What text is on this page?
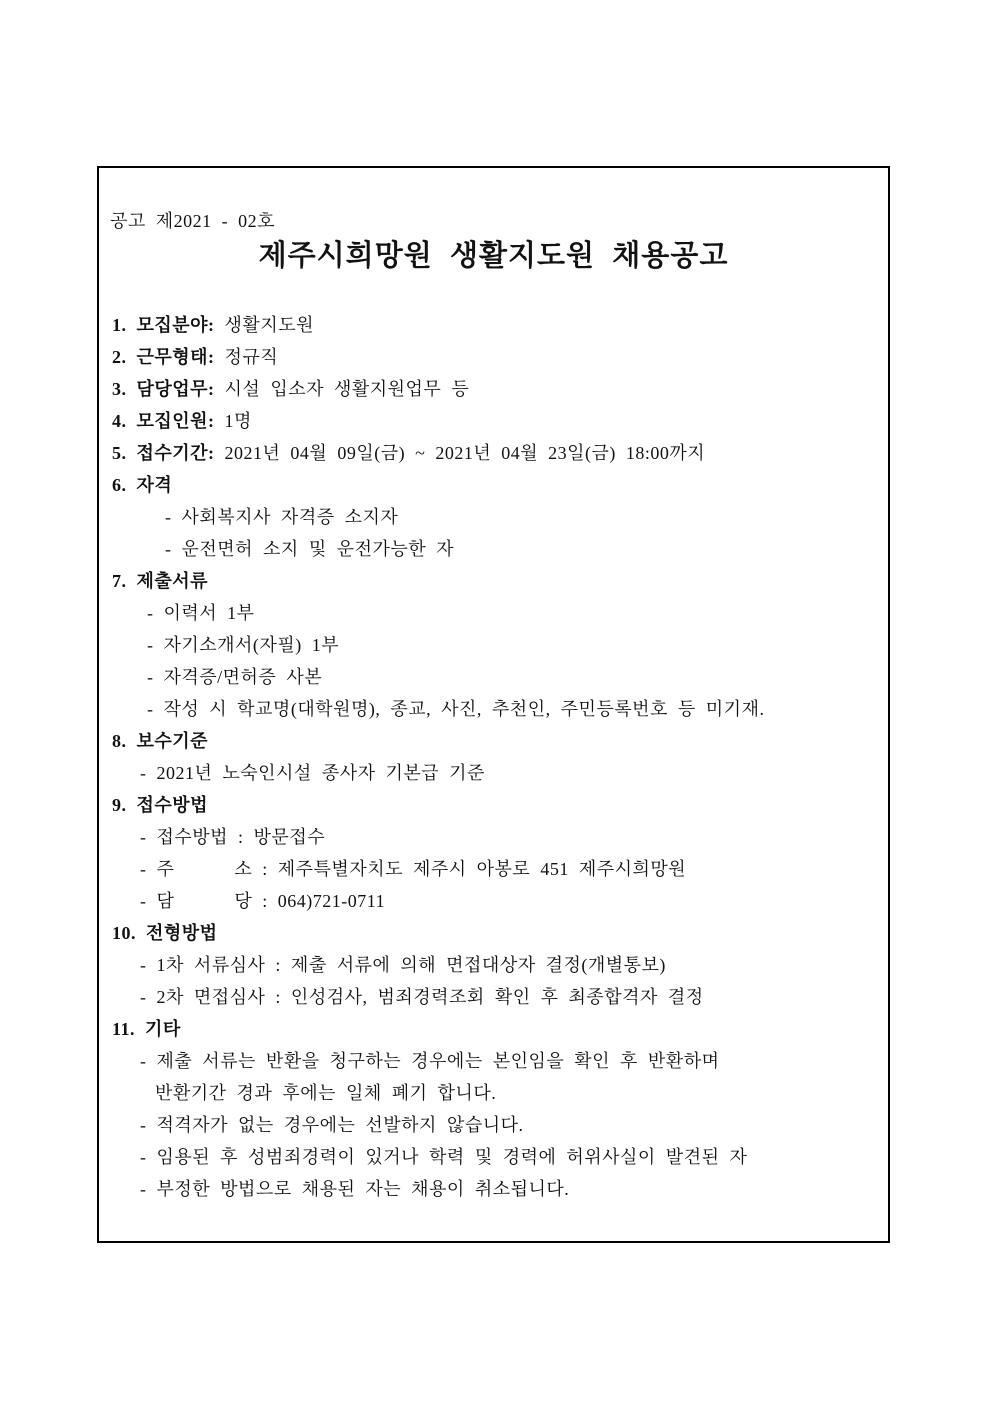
공고 제2021 - 02호
제주시희망원 생활지도원 채용공고
1. 모집분야: 생활지도원
2. 근무형태: 정규직
3. 담당업무: 시설 입소자 생활지원업무 등
4. 모집인원: 1명
5. 접수기간: 2021년 04월 09일(금) ~ 2021년 04월 23일(금) 18:00까지
6. 자격
- 사회복지사 자격증 소지자
- 운전면허 소지 및 운전가능한 자
7. 제출서류
- 이력서 1부
- 자기소개서(자필) 1부
- 자격증/면허증 사본
- 작성 시 학교명(대학원명), 종교, 사진, 추천인, 주민등록번호 등 미기재.
8. 보수기준
- 2021년 노숙인시설 종사자 기본급 기준
9. 접수방법
- 접수방법 : 방문접수
- 주      소 : 제주특별자치도 제주시 아봉로 451 제주시희망원
- 담      당 : 064)721-0711
10. 전형방법
- 1차 서류심사 : 제출 서류에 의해 면접대상자 결정(개별통보)
- 2차 면접심사 : 인성검사, 범죄경력조회 확인 후 최종합격자 결정
11. 기타
- 제출 서류는 반환을 청구하는 경우에는 본인임을 확인 후 반환하며
반환기간 경과 후에는 일체 폐기 합니다.
- 적격자가 없는 경우에는 선발하지 않습니다.
- 임용된 후 성범죄경력이 있거나 학력 및 경력에 허위사실이 발견된 자
- 부정한 방법으로 채용된 자는 채용이 취소됩니다.
